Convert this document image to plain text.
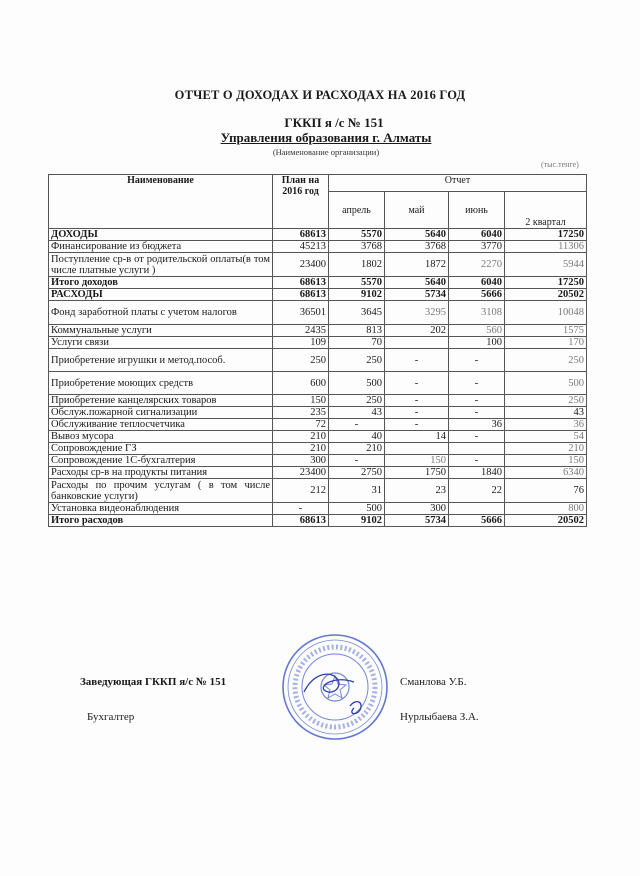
ОТЧЕТ О ДОХОДАХ И РАСХОДАХ НА 2016 ГОД
ГККП я /с № 151
Управления образования г. Алматы
(Наименование организации)
(тыс.тенге)
Наименование	План на 2016 год	Отчет			
		апрель	май	июнь	2 квартал
ДОХОДЫ	68613	5570	5640	6040	17250
Финансирование из бюджета	45213	3768	3768	3770	11306
Поступление ср-в от родительской оплаты(в том числе платные услуги )	23400	1802	1872	2270	5944
Итого доходов	68613	5570	5640	6040	17250
РАСХОДЫ	68613	9102	5734	5666	20502
Фонд заработной платы с учетом налогов	36501	3645	3295	3108	10048
Коммунальные услуги	2435	813	202	560	1575
Услуги связи	109	70		100	170
Приобретение игрушки и метод.пособ.	250	250	-	-	250
Приобретение моющих средств	600	500	-	-	500
Приобретение канцелярских товаров	150	250	-	-	250
Обслуж.пожарной сигнализации	235	43	-	-	43
Обслуживание теплосчетчика	72	-	-	36	36
Вывоз мусора	210	40	14	-	54
Сопровождение ГЗ	210	210			210
Сопровождение 1С-бухгалтерия	300	-	150	-	150
Расходы ср-в на продукты питания	23400	2750	1750	1840	6340
Расходы по прочим услугам ( в том числе банковские услуги)	212	31	23	22	76
Установка видеонаблюдения	-	500	300		800
Итого расходов	68613	9102	5734	5666	20502
Заведующая ГККП я/с № 151	Сманлова У.Б.
Бухгалтер	Нурлыбаева З.А.
